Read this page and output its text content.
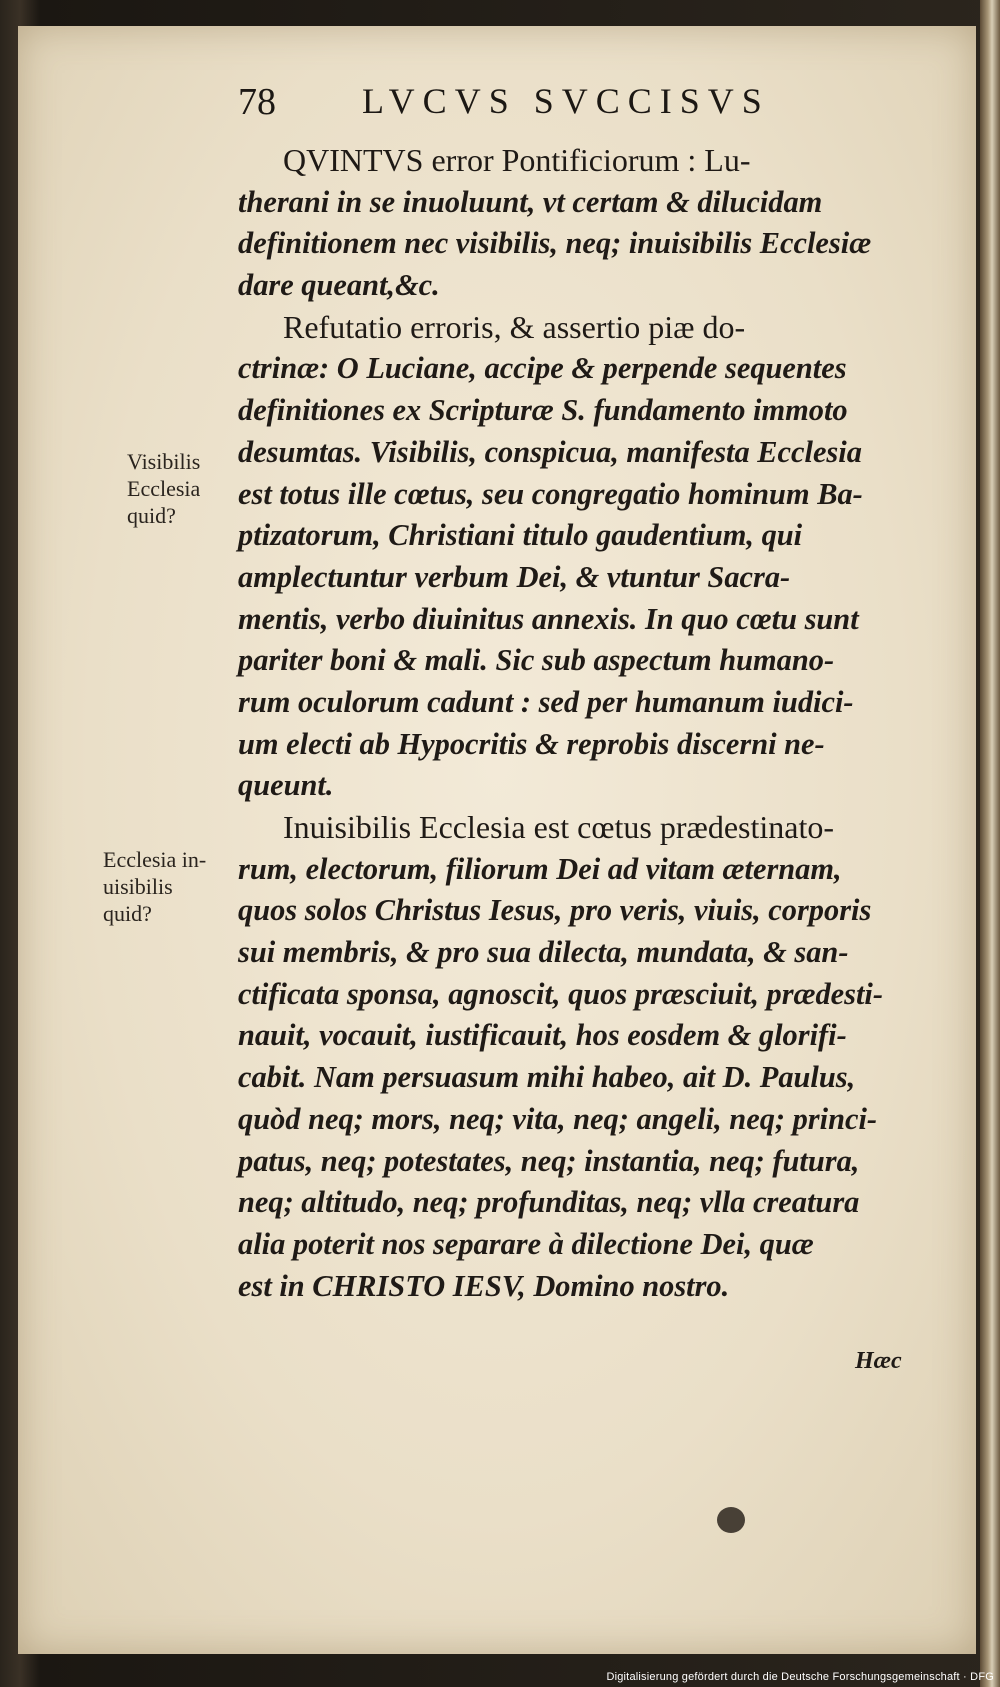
78 LVCVS SVCCISVS
QVINTVS error Pontificiorum : Lu-
therani in se inuoluunt, vt certam & dilucidam
definitionem nec visibilis, neq; inuisibilis Ecclesiæ
dare queant,&c.
Refutatio erroris, & assertio piæ do-
ctrinæ: O Luciane, accipe & perpende sequentes
definitiones ex Scripturæ S. fundamento immoto
desumtas. Visibilis, conspicua, manifesta Ecclesia
est totus ille cœtus, seu congregatio hominum Ba-
ptizatorum, Christiani titulo gaudentium, qui
amplectuntur verbum Dei, & vtuntur Sacra-
mentis, verbo diuinitus annexis. In quo cœtu sunt
pariter boni & mali. Sic sub aspectum humano-
rum oculorum cadunt : sed per humanum iudici-
um electi ab Hypocritis & reprobis discerni ne-
queunt.
Inuisibilis Ecclesia est cœtus prædestinato-
rum, electorum, filiorum Dei ad vitam æternam,
quos solos Christus Iesus, pro veris, viuis, corporis
sui membris, & pro sua dilecta, mundata, & san-
ctificata sponsa, agnoscit, quos præsciuit, prædesti-
nauit, vocauit, iustificauit, hos eosdem & glorifi-
cabit. Nam persuasum mihi habeo, ait D. Paulus,
quòd neq; mors, neq; vita, neq; angeli, neq; princi-
patus, neq; potestates, neq; instantia, neq; futura,
neq; altitudo, neq; profunditas, neq; vlla creatura
alia poterit nos separare à dilectione Dei, quæ
est in CHRISTO IESV, Domino nostro.
Visibilis
Ecclesia
quid?
Ecclesia in-
uisibilis
quid?
Hæc
Digitalisierung gefördert durch die Deutsche Forschungsgemeinschaft · DFG
